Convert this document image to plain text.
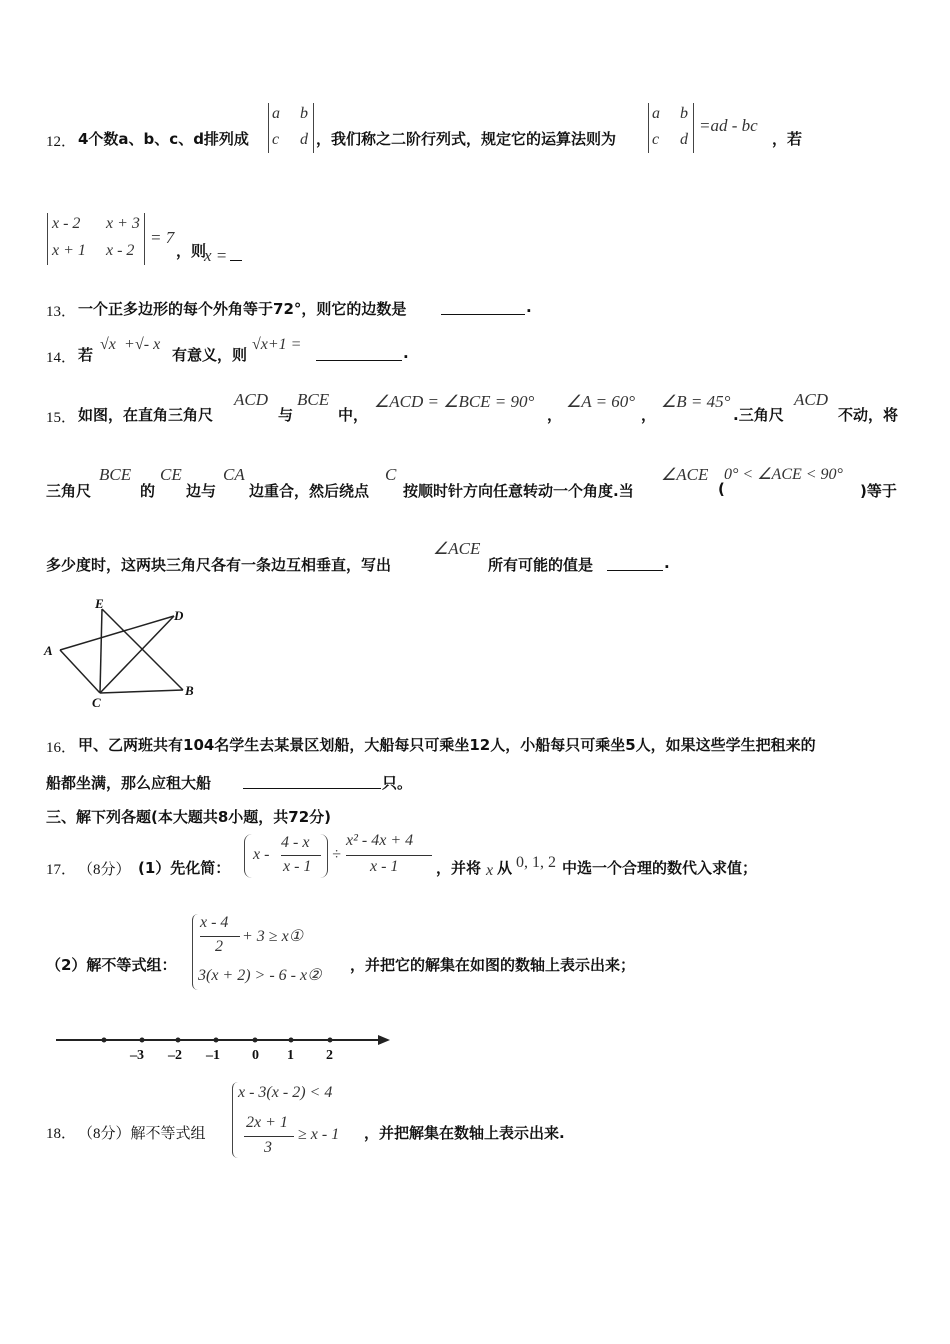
12． 4个数a、b、c、d排列成
a b
c d ，我们称之二阶行列式，规定它的运算法则为
a b
c d
=ad - bc
，若
x - 2 x + 3
x + 1 x - 2
= 7
，则
x =
13． 一个正多边形的每个外角等于72°，则它的边数是	.
14． 若
√x + √- x
有意义，则
√x+1 =	.
15． 如图，在直角三角尺
ACD
与
BCE
中，
∠ACD = ∠BCE = 90°
，
∠A = 60°
，
∠B = 45°
.三角尺
ACD
不动，将
三角尺
BCE
的
CE
边与
CA
边重合，然后绕点
C
按顺时针方向任意转动一个角度.当
∠ACE
(
0° < ∠ACE < 90°
)等于
多少度时，这两块三角尺各有一条边互相垂直，写出
∠ACE
所有可能的值是	.
E
D
A
C
B
16． 甲、乙两班共有104名学生去某景区划船，大船每只可乘坐12人，小船每只可乘坐5人，如果这些学生把租来的
船都坐满，那么应租大船	只。
三、解下列各题(本大题共8小题，共72分)
17． （8分） (1）先化简：
x -
4 - x
x - 1
÷
x² - 4x + 4
x - 1	，并将 x 从 0, 1, 2 中选一个合理的数代入求值；
（2）解不等式组：
x - 4
2
+ 3 ≥ x①
3(x + 2) > - 6 - x②
，并把它的解集在如图的数轴上表示出来；
–3 –2 –1 0 1 2
18． （8分）解不等式组
x - 3(x - 2) < 4
2x + 1
3
≥ x - 1 ，并把解集在数轴上表示出来.
